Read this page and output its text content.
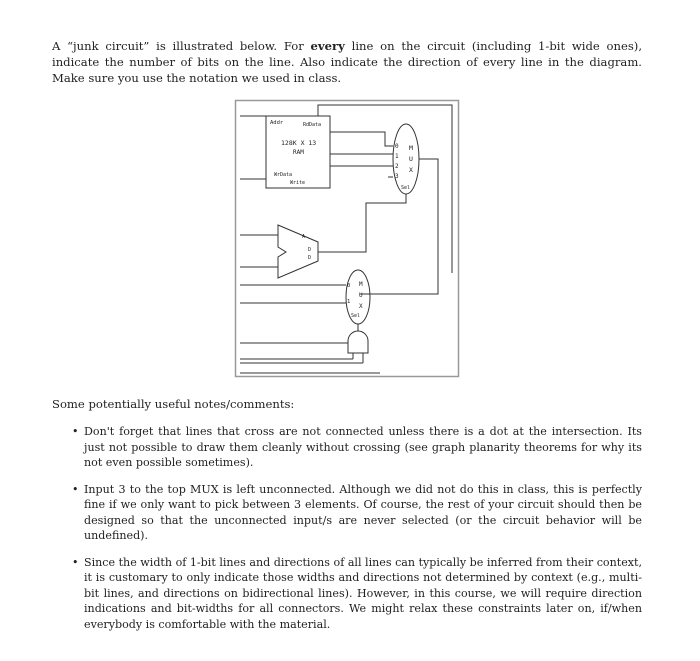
A “junk circuit” is illustrated below. For every line on the circuit (including 1-bit wide ones), indicate the number of bits on the line. Also indicate the direction of every line in the diagram. Make sure you use the notation we used in class.

Addr	RdData
128K X 13
RAM
WrData
Write
0
1
2
3
M
U
X
Sel
A
D
D
0
1
M
U
X
Sel

Some potentially useful notes/comments:

• Don't forget that lines that cross are not connected unless there is a dot at the intersection. Its just not possible to draw them cleanly without crossing (see graph planarity theorems for why its not even possible sometimes).
• Input 3 to the top MUX is left unconnected. Although we did not do this in class, this is perfectly fine if we only want to pick between 3 elements. Of course, the rest of your circuit should then be designed so that the unconnected input/s are never selected (or the circuit behavior will be undefined).
• Since the width of 1-bit lines and directions of all lines can typically be inferred from their context, it is customary to only indicate those widths and directions not determined by context (e.g., multi-bit lines, and directions on bidirectional lines). However, in this course, we will require direction indications and bit-widths for all connectors. We might relax these constraints later on, if/when everybody is comfortable with the material.
